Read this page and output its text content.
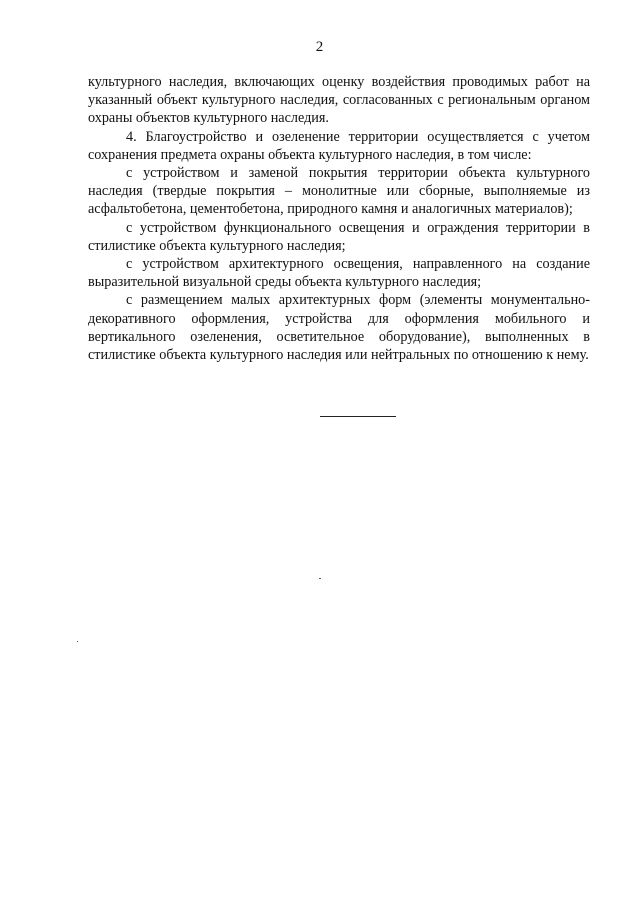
2

культурного наследия, включающих оценку воздействия проводимых работ на указанный объект культурного наследия, согласованных с региональным органом охраны объектов культурного наследия.

4. Благоустройство и озеленение территории осуществляется с учетом сохранения предмета охраны объекта культурного наследия, в том числе:

с устройством и заменой покрытия территории объекта культурного наследия (твердые покрытия – монолитные или сборные, выполняемые из асфальтобетона, цементобетона, природного камня и аналогичных материалов);

с устройством функционального освещения и ограждения территории в стилистике объекта культурного наследия;

с устройством архитектурного освещения, направленного на создание выразительной визуальной среды объекта культурного наследия;

с размещением малых архитектурных форм (элементы монументально-декоративного оформления, устройства для оформления мобильного и вертикального озеленения, осветительное оборудование), выполненных в стилистике объекта культурного наследия или нейтральных по отношению к нему.
